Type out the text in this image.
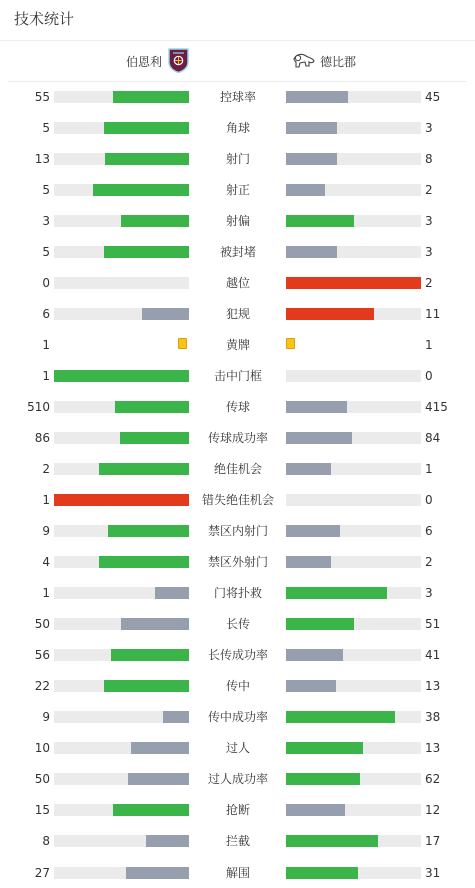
技术统计
伯恩利	德比郡
55	控球率	45
5	角球	3
13	射门	8
5	射正	2
3	射偏	3
5	被封堵	3
0	越位	2
6	犯规	11
1	黄牌	1
1	击中门框	0
510	传球	415
86	传球成功率	84
2	绝佳机会	1
1	错失绝佳机会	0
9	禁区内射门	6
4	禁区外射门	2
1	门将扑救	3
50	长传	51
56	长传成功率	41
22	传中	13
9	传中成功率	38
10	过人	13
50	过人成功率	62
15	抢断	12
8	拦截	17
27	解围	31
